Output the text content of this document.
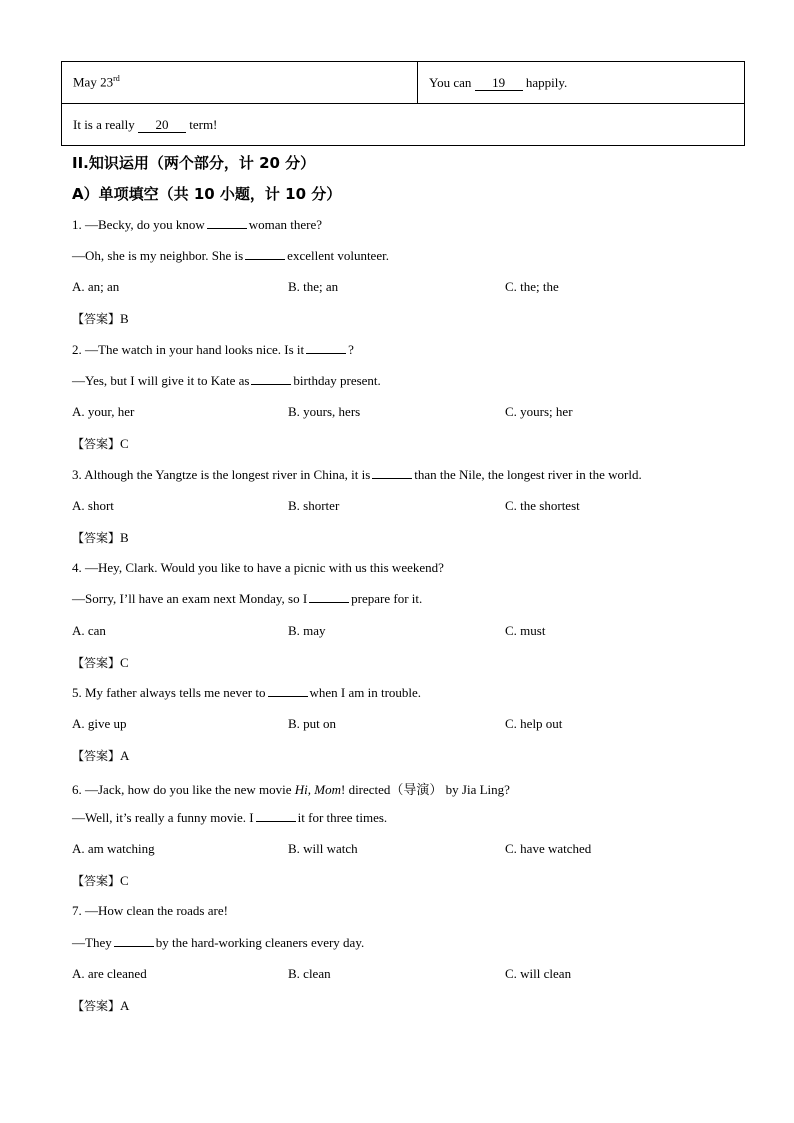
May 23rd	You can 19 happily.
It is a really 20 term!
II.知识运用（两个部分，计 20 分）
A）单项填空（共 10 小题，计 10 分）
1. —Becky, do you know	woman there?
—Oh, she is my neighbor. She is	excellent volunteer.
A. an; an	B. the; an	C. the; the
【答案】B
2. —The watch in your hand looks nice. Is it	?
—Yes, but I will give it to Kate as	birthday present.
A. your, her	B. yours, hers	C. yours; her
【答案】C
3. Although the Yangtze is the longest river in China, it is	than the Nile, the longest river in the world.
A. short	B. shorter	C. the shortest
【答案】B
4. —Hey, Clark. Would you like to have a picnic with us this weekend?
—Sorry, I’ll have an exam next Monday, so I	prepare for it.
A. can	B. may	C. must
【答案】C
5. My father always tells me never to	when I am in trouble.
A. give up	B. put on	C. help out
【答案】A
6. —Jack, how do you like the new movie Hi, Mom! directed（导演） by Jia Ling?
—Well, it’s really a funny movie. I	it for three times.
A. am watching	B. will watch	C. have watched
【答案】C
7. —How clean the roads are!
—They	by the hard-working cleaners every day.
A. are cleaned	B. clean	C. will clean
【答案】A
